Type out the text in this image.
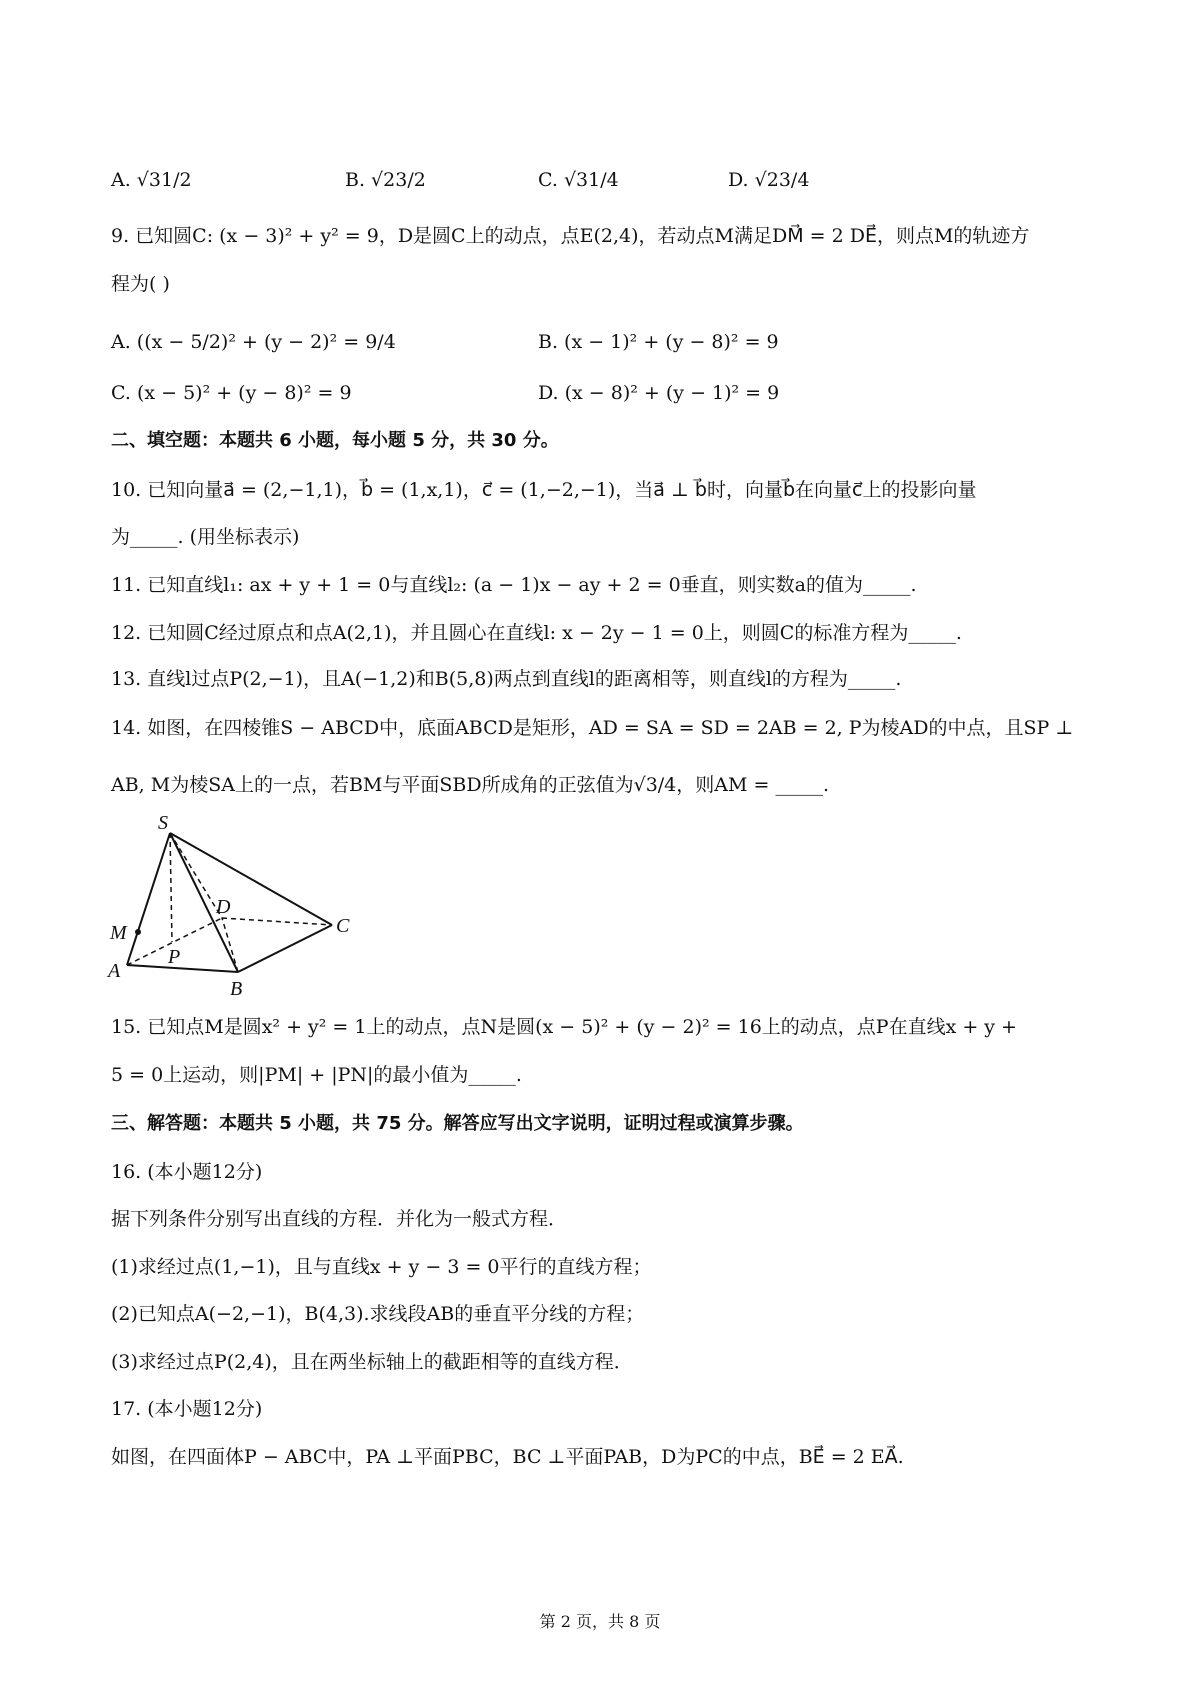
A. √31/2	B. √23/2	C. √31/4	D. √23/4
9. 已知圆C: (x − 3)² + y² = 9，D是圆C上的动点，点E(2,4)，若动点M满足DM⃗ = 2 DE⃗，则点M的轨迹方
程为( )
A. ((x − 5/2)² + (y − 2)² = 9/4	B. (x − 1)² + (y − 8)² = 9
C. (x − 5)² + (y − 8)² = 9	D. (x − 8)² + (y − 1)² = 9
二、填空题：本题共 6 小题，每小题 5 分，共 30 分。
10. 已知向量a⃗ = (2,−1,1)，b⃗ = (1,x,1)，c⃗ = (1,−2,−1)，当a⃗ ⊥ b⃗时，向量b⃗在向量c⃗上的投影向量
为_____. (用坐标表示)
11. 已知直线l₁: ax + y + 1 = 0与直线l₂: (a − 1)x − ay + 2 = 0垂直，则实数a的值为_____.
12. 已知圆C经过原点和点A(2,1)，并且圆心在直线l: x − 2y − 1 = 0上，则圆C的标准方程为_____.
13. 直线l过点P(2,−1)，且A(−1,2)和B(5,8)两点到直线l的距离相等，则直线l的方程为_____.
14. 如图，在四棱锥S − ABCD中，底面ABCD是矩形，AD = SA = SD = 2AB = 2, P为棱AD的中点，且SP ⊥
AB, M为棱SA上的一点，若BM与平面SBD所成角的正弦值为√3/4，则AM = _____.
S
D
C
M
P
A
B
15. 已知点M是圆x² + y² = 1上的动点，点N是圆(x − 5)² + (y − 2)² = 16上的动点，点P在直线x + y +
5 = 0上运动，则|PM| + |PN|的最小值为_____.
三、解答题：本题共 5 小题，共 75 分。解答应写出文字说明，证明过程或演算步骤。
16. (本小题12分)
据下列条件分别写出直线的方程．并化为一般式方程．
(1)求经过点(1,−1)，且与直线x + y − 3 = 0平行的直线方程；
(2)已知点A(−2,−1)，B(4,3).求线段AB的垂直平分线的方程；
(3)求经过点P(2,4)，且在两坐标轴上的截距相等的直线方程．
17. (本小题12分)
如图，在四面体P − ABC中，PA ⊥平面PBC，BC ⊥平面PAB，D为PC的中点，BE⃗ = 2 EA⃗.
第 2 页，共 8 页
